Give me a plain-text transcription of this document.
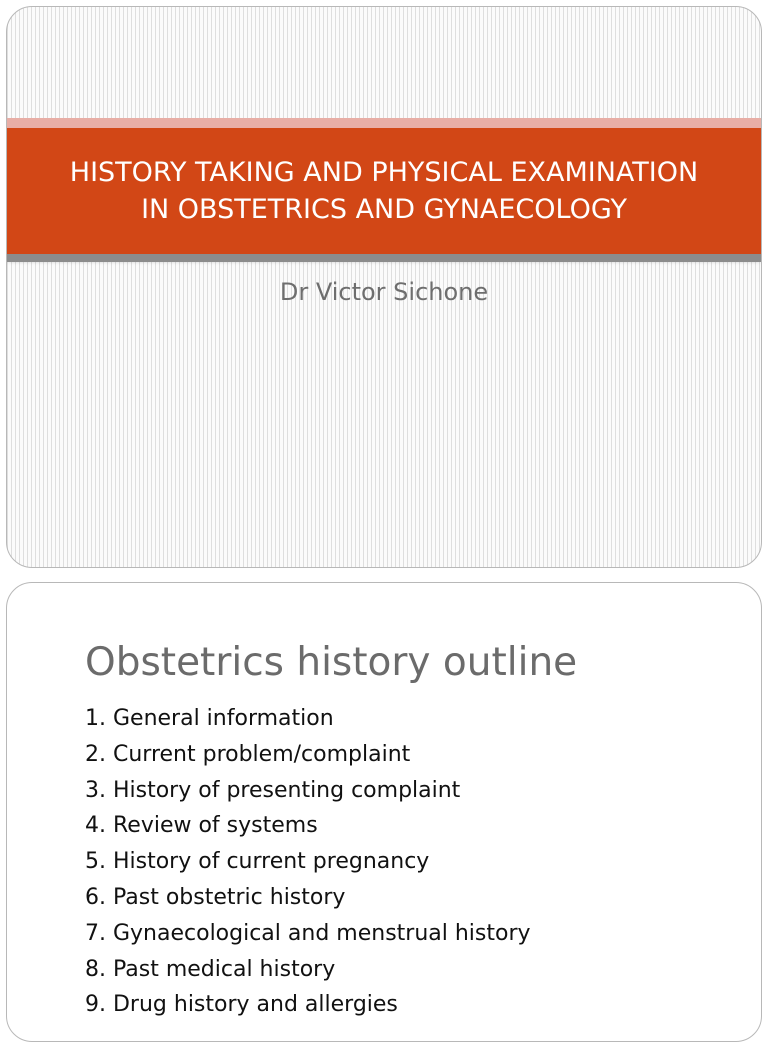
HISTORY TAKING AND PHYSICAL EXAMINATION IN OBSTETRICS AND GYNAECOLOGY

Dr Victor Sichone
Obstetrics history outline
1. General information
2. Current problem/complaint
3. History of presenting complaint
4. Review of systems
5. History of current pregnancy
6. Past obstetric history
7. Gynaecological and menstrual history
8. Past medical history
9. Drug history and allergies
